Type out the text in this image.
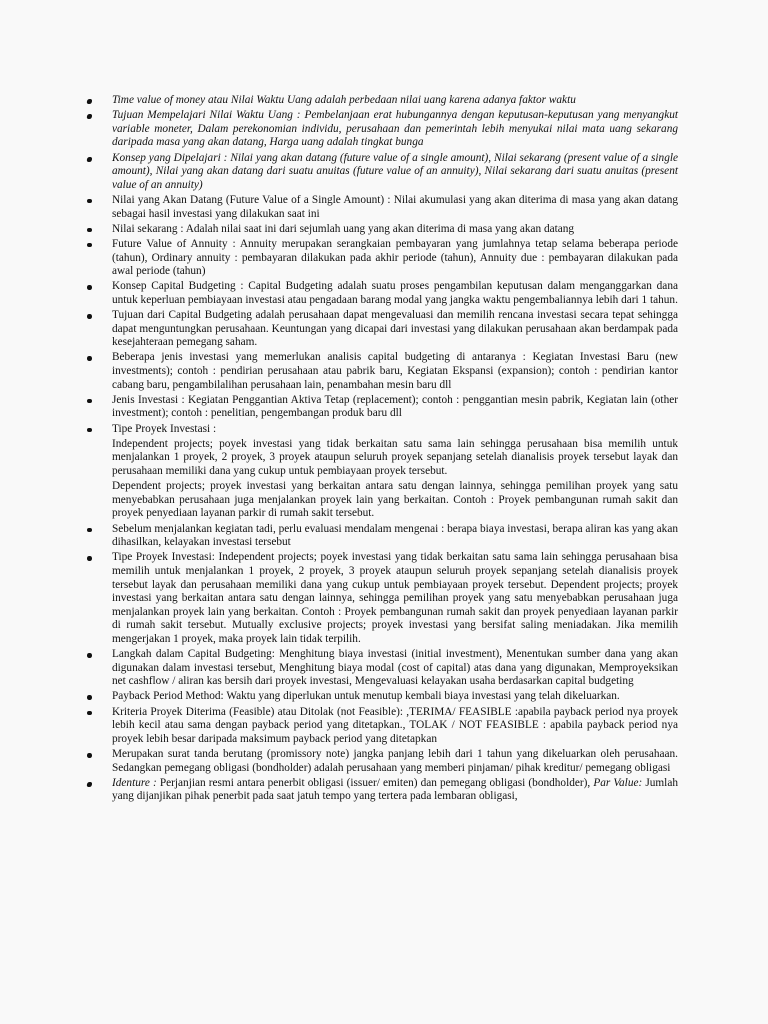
Time value of money atau Nilai Waktu Uang adalah perbedaan nilai uang karena adanya faktor waktu
Tujuan Mempelajari Nilai Waktu Uang : Pembelanjaan erat hubungannya dengan keputusan-keputusan yang menyangkut variable moneter, Dalam perekonomian individu, perusahaan dan pemerintah lebih menyukai nilai mata uang sekarang daripada masa yang akan datang, Harga uang adalah tingkat bunga
Konsep yang Dipelajari : Nilai yang akan datang (future value of a single amount), Nilai sekarang (present value of a single amount), Nilai yang akan datang dari suatu anuitas (future value of an annuity), Nilai sekarang dari suatu anuitas (present value of an annuity)
Nilai yang Akan Datang (Future Value of a Single Amount) : Nilai akumulasi yang akan diterima di masa yang akan datang sebagai hasil investasi yang dilakukan saat ini
Nilai sekarang : Adalah nilai saat ini dari sejumlah uang yang akan diterima di masa yang akan datang
Future Value of Annuity : Annuity merupakan serangkaian pembayaran yang jumlahnya tetap selama beberapa periode (tahun), Ordinary annuity : pembayaran dilakukan pada akhir periode (tahun), Annuity due : pembayaran dilakukan pada awal periode (tahun)
Konsep Capital Budgeting : Capital Budgeting adalah suatu proses pengambilan keputusan dalam menganggarkan dana untuk keperluan pembiayaan investasi atau pengadaan barang modal yang jangka waktu pengembaliannya lebih dari 1 tahun.
Tujuan dari Capital Budgeting adalah perusahaan dapat mengevaluasi dan memilih rencana investasi secara tepat sehingga dapat menguntungkan perusahaan. Keuntungan yang dicapai dari investasi yang dilakukan perusahaan akan berdampak pada kesejahteraan pemegang saham.
Beberapa jenis investasi yang memerlukan analisis capital budgeting di antaranya : Kegiatan Investasi Baru (new investments); contoh : pendirian perusahaan atau pabrik baru, Kegiatan Ekspansi (expansion); contoh : pendirian kantor cabang baru, pengambilalihan perusahaan lain, penambahan mesin baru dll
Jenis Investasi : Kegiatan Penggantian Aktiva Tetap (replacement); contoh : penggantian mesin pabrik, Kegiatan lain (other investment); contoh : penelitian, pengembangan produk baru dll
Tipe Proyek Investasi :
Independent projects; poyek investasi yang tidak berkaitan satu sama lain sehingga perusahaan bisa memilih untuk menjalankan 1 proyek, 2 proyek, 3 proyek ataupun seluruh proyek sepanjang setelah dianalisis proyek tersebut layak dan perusahaan memiliki dana yang cukup untuk pembiayaan proyek tersebut.
Dependent projects; proyek investasi yang berkaitan antara satu dengan lainnya, sehingga pemilihan proyek yang satu menyebabkan perusahaan juga menjalankan proyek lain yang berkaitan. Contoh : Proyek pembangunan rumah sakit dan proyek penyediaan layanan parkir di rumah sakit tersebut.
Sebelum menjalankan kegiatan tadi, perlu evaluasi mendalam mengenai : berapa biaya investasi, berapa aliran kas yang akan dihasilkan, kelayakan investasi tersebut
Tipe Proyek Investasi: Independent projects; poyek investasi yang tidak berkaitan satu sama lain sehingga perusahaan bisa memilih untuk menjalankan 1 proyek, 2 proyek, 3 proyek ataupun seluruh proyek sepanjang setelah dianalisis proyek tersebut layak dan perusahaan memiliki dana yang cukup untuk pembiayaan proyek tersebut. Dependent projects; proyek investasi yang berkaitan antara satu dengan lainnya, sehingga pemilihan proyek yang satu menyebabkan perusahaan juga menjalankan proyek lain yang berkaitan. Contoh : Proyek pembangunan rumah sakit dan proyek penyediaan layanan parkir di rumah sakit tersebut. Mutually exclusive projects; proyek investasi yang bersifat saling meniadakan. Jika memilih mengerjakan 1 proyek, maka proyek lain tidak terpilih.
Langkah dalam Capital Budgeting: Menghitung biaya investasi (initial investment), Menentukan sumber dana yang akan digunakan dalam investasi tersebut, Menghitung biaya modal (cost of capital) atas dana yang digunakan, Memproyeksikan net cashflow / aliran kas bersih dari proyek investasi, Mengevaluasi kelayakan usaha berdasarkan capital budgeting
Payback Period Method: Waktu yang diperlukan untuk menutup kembali biaya investasi yang telah dikeluarkan.
Kriteria Proyek Diterima (Feasible) atau Ditolak (not Feasible): ,TERIMA/ FEASIBLE :apabila payback period nya proyek lebih kecil atau sama dengan payback period yang ditetapkan., TOLAK / NOT FEASIBLE : apabila payback period nya proyek lebih besar daripada maksimum payback period yang ditetapkan
Merupakan surat tanda berutang (promissory note) jangka panjang lebih dari 1 tahun yang dikeluarkan oleh perusahaan. Sedangkan pemegang obligasi (bondholder) adalah perusahaan yang memberi pinjaman/ pihak kreditur/ pemegang obligasi
Identure : Perjanjian resmi antara penerbit obligasi (issuer/ emiten) dan pemegang obligasi (bondholder), Par Value: Jumlah yang dijanjikan pihak penerbit pada saat jatuh tempo yang tertera pada lembaran obligasi,
